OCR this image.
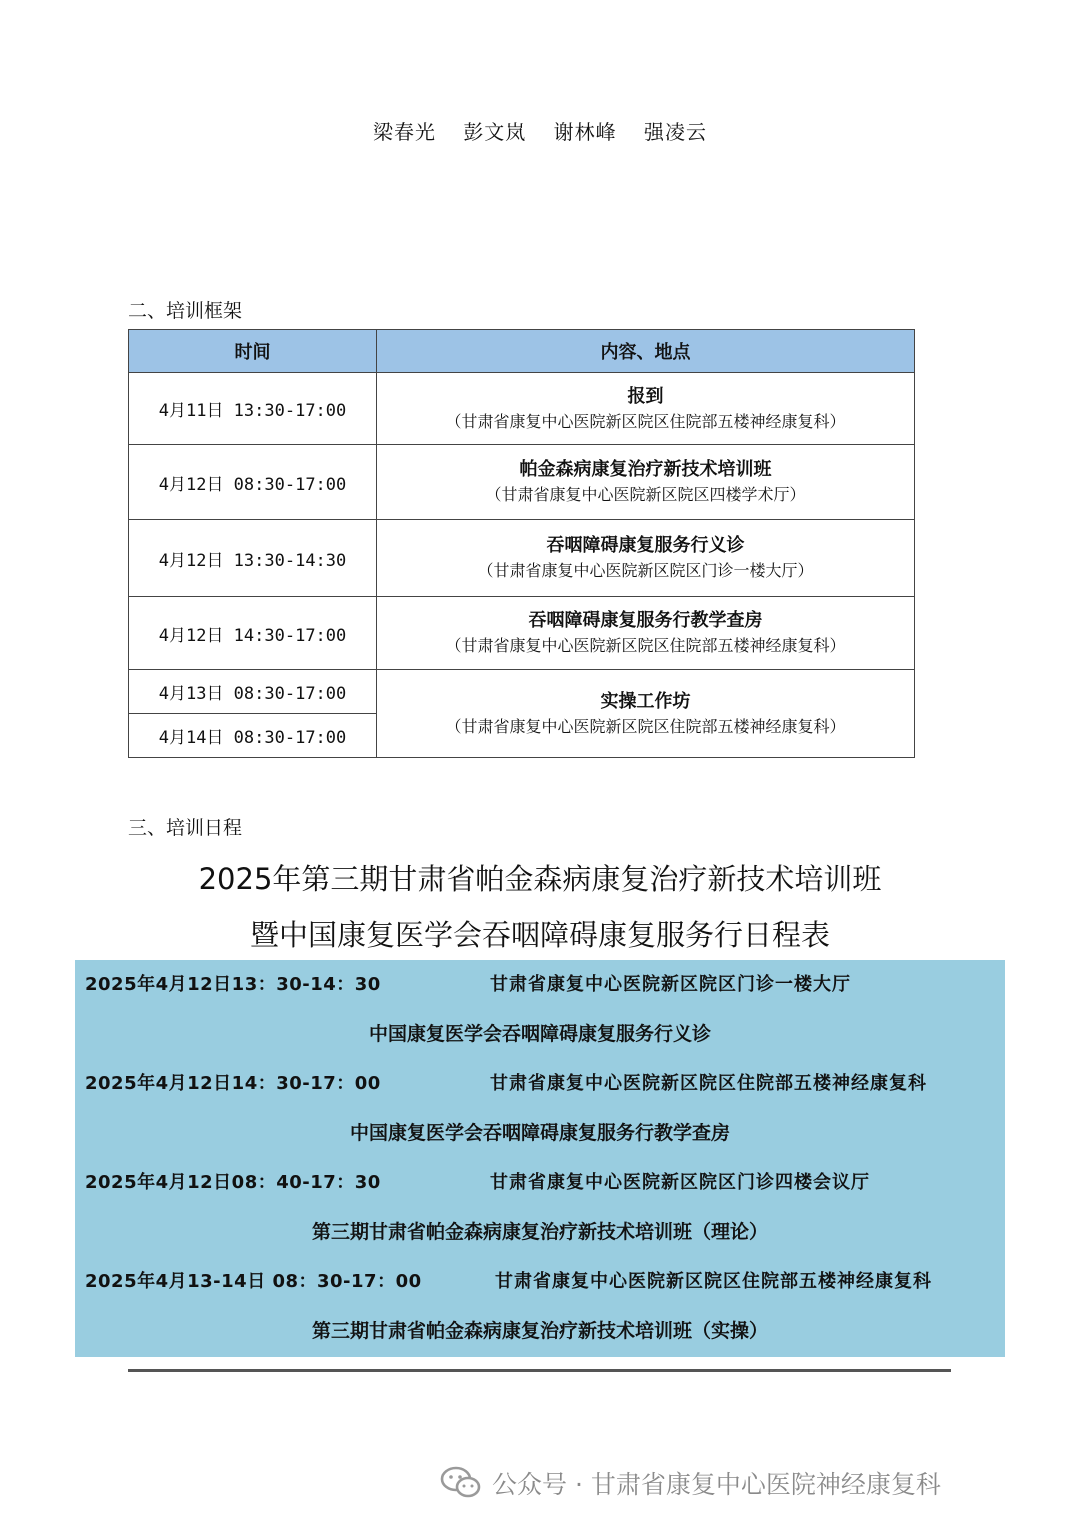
梁春光 彭文岚 谢林峰 强凌云
二、培训框架
时间	内容、地点
4月11日 13:30-17:00	报到
（甘肃省康复中心医院新区院区住院部五楼神经康复科）

4月12日 08:30-17:00	帕金森病康复治疗新技术培训班
（甘肃省康复中心医院新区院区四楼学术厅）

4月12日 13:30-14:30	吞咽障碍康复服务行义诊
（甘肃省康复中心医院新区院区门诊一楼大厅）

4月12日 14:30-17:00	吞咽障碍康复服务行教学查房
（甘肃省康复中心医院新区院区住院部五楼神经康复科）

4月13日 08:30-17:00	实操工作坊
（甘肃省康复中心医院新区院区住院部五楼神经康复科）

4月14日 08:30-17:00	
三、培训日程
2025年第三期甘肃省帕金森病康复治疗新技术培训班
暨中国康复医学会吞咽障碍康复服务行日程表
2025年4月12日13：30-14：30	甘肃省康复中心医院新区院区门诊一楼大厅
中国康复医学会吞咽障碍康复服务行义诊
2025年4月12日14：30-17：00	甘肃省康复中心医院新区院区住院部五楼神经康复科
中国康复医学会吞咽障碍康复服务行教学查房
2025年4月12日08：40-17：30	甘肃省康复中心医院新区院区门诊四楼会议厅
第三期甘肃省帕金森病康复治疗新技术培训班（理论）
2025年4月13-14日 08：30-17：00	甘肃省康复中心医院新区院区住院部五楼神经康复科
第三期甘肃省帕金森病康复治疗新技术培训班（实操）
公众号 · 甘肃省康复中心医院神经康复科
